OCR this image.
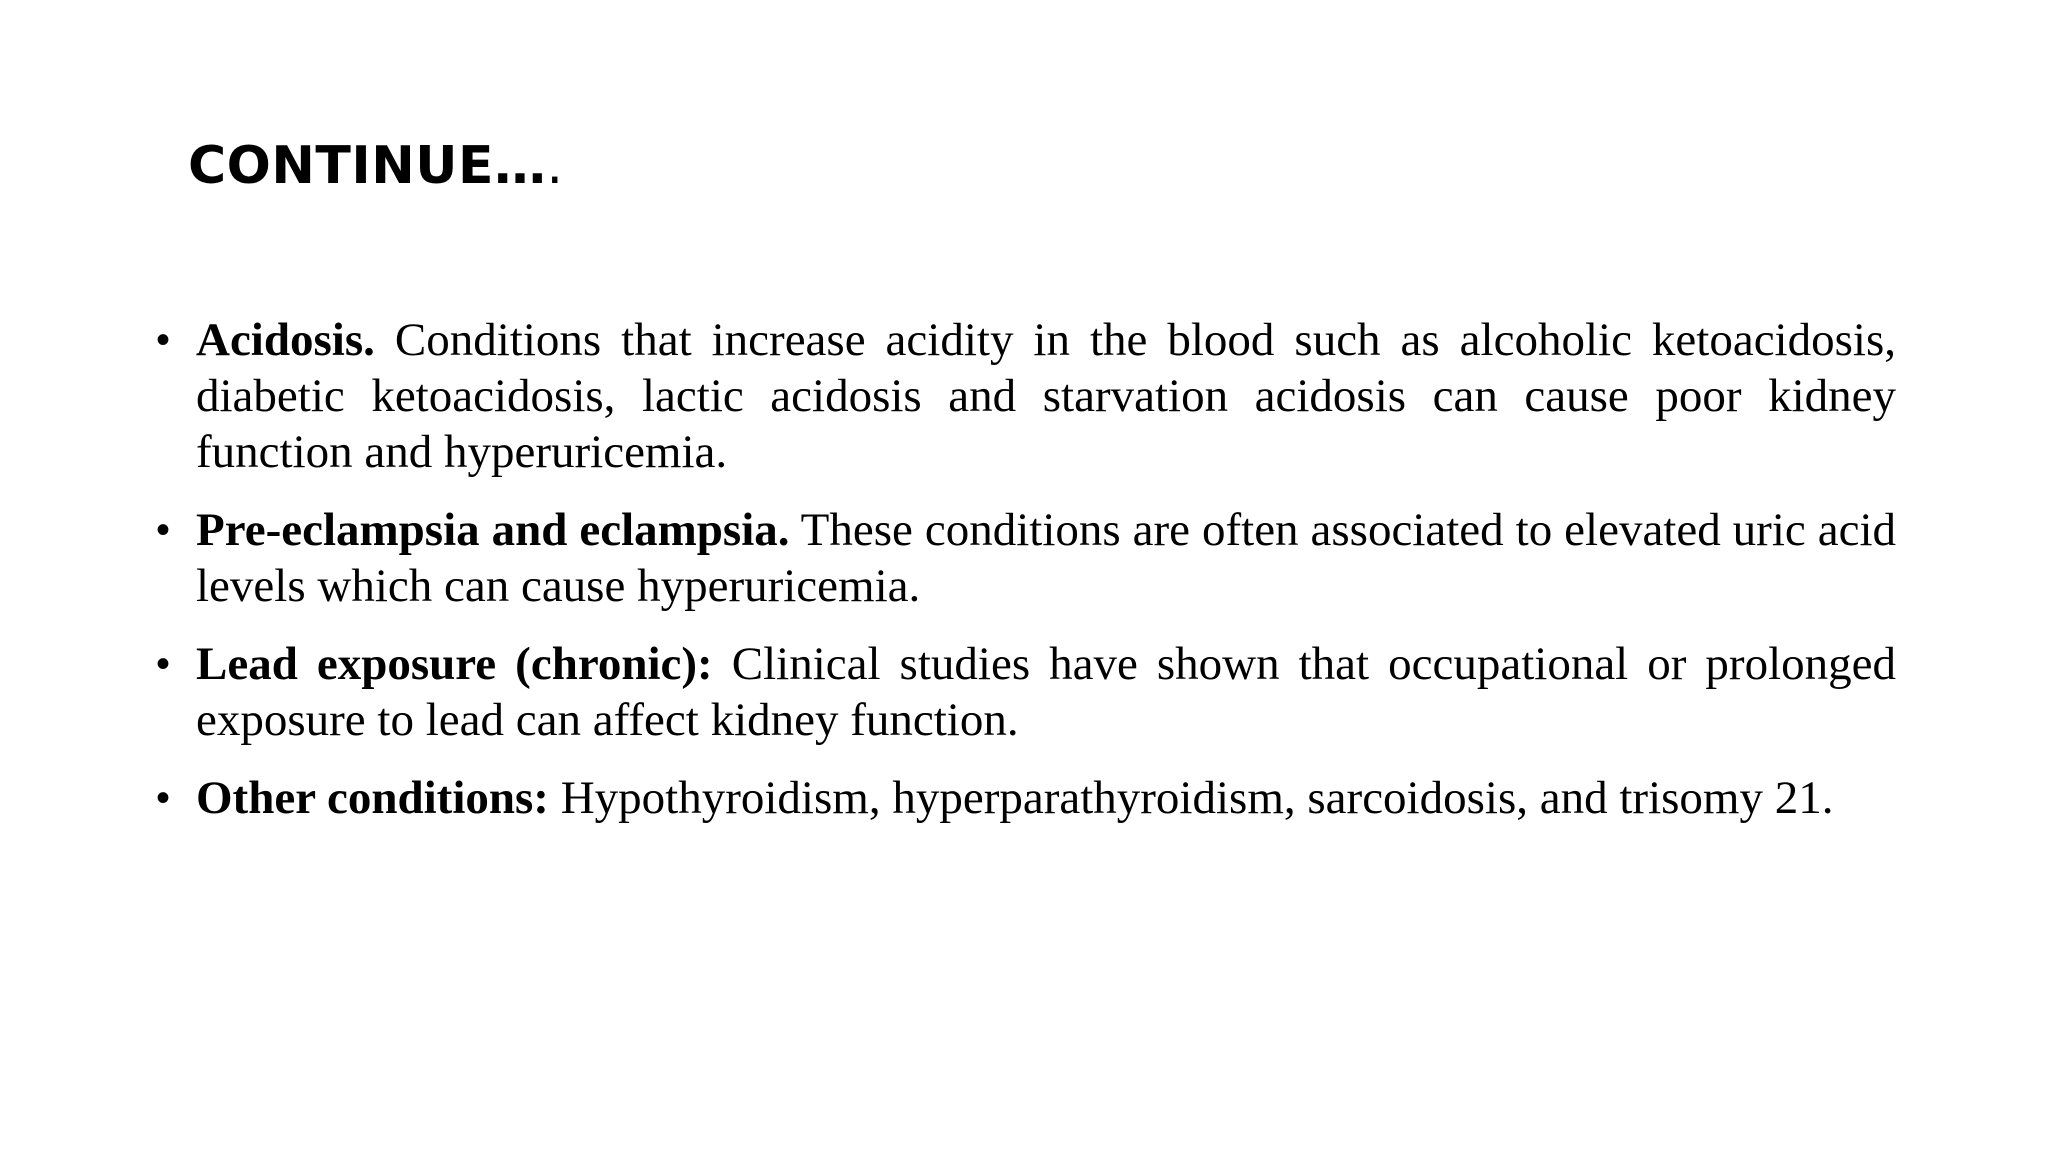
CONTINUE….
• Acidosis. Conditions that increase acidity in the blood such as alcoholic ketoacidosis, diabetic ketoacidosis, lactic acidosis and starvation acidosis can cause poor kidney function and hyperuricemia.
• Pre-eclampsia and eclampsia. These conditions are often associated to elevated uric acid levels which can cause hyperuricemia.
• Lead exposure (chronic): Clinical studies have shown that occupational or prolonged exposure to lead can affect kidney function.
• Other conditions: Hypothyroidism, hyperparathyroidism, sarcoidosis, and trisomy 21.
